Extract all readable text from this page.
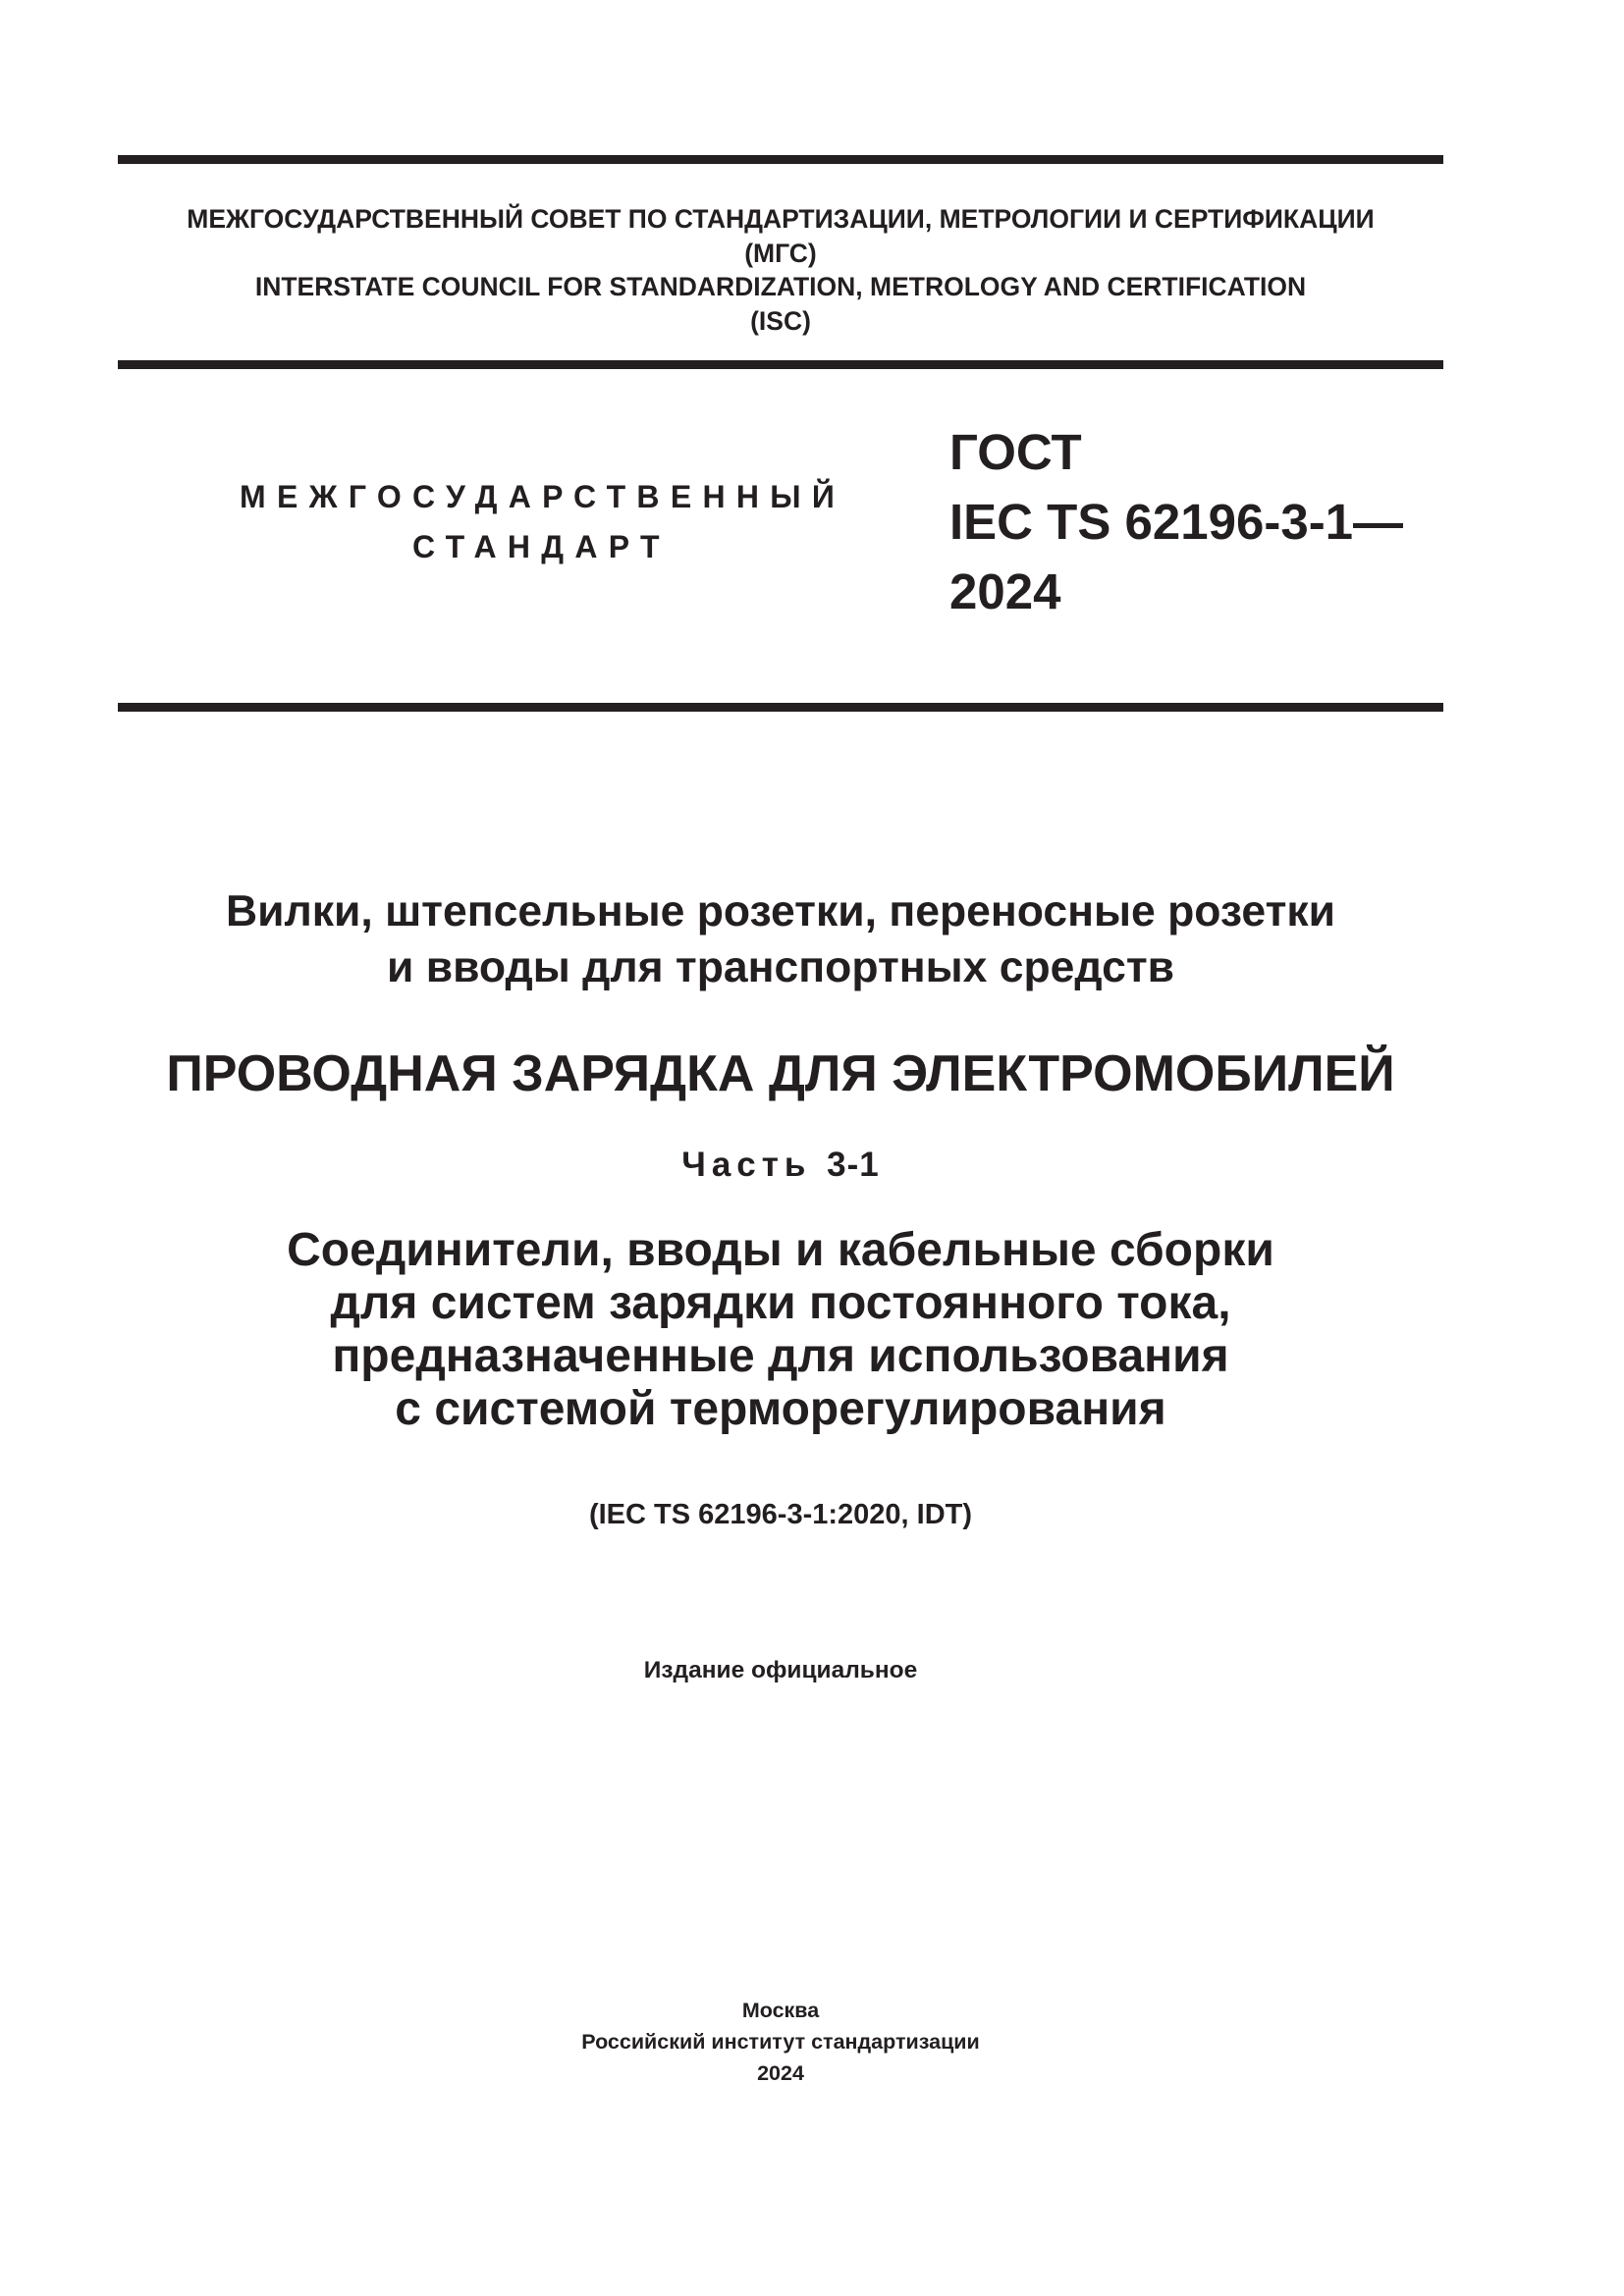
МЕЖГОСУДАРСТВЕННЫЙ СОВЕТ ПО СТАНДАРТИЗАЦИИ, МЕТРОЛОГИИ И СЕРТИФИКАЦИИ
(МГС)
INTERSTATE COUNCIL FOR STANDARDIZATION, METROLOGY AND CERTIFICATION
(ISC)
МЕЖГОСУДАРСТВЕННЫЙ
СТАНДАРТ
ГОСТ
IEC TS 62196-3-1—
2024
Вилки, штепсельные розетки, переносные розетки
и вводы для транспортных средств
ПРОВОДНАЯ ЗАРЯДКА ДЛЯ ЭЛЕКТРОМОБИЛЕЙ
Часть 3-1
Соединители, вводы и кабельные сборки
для систем зарядки постоянного тока,
предназначенные для использования
с системой терморегулирования
(IEC TS 62196-3-1:2020, IDT)
Издание официальное
Москва
Российский институт стандартизации
2024
